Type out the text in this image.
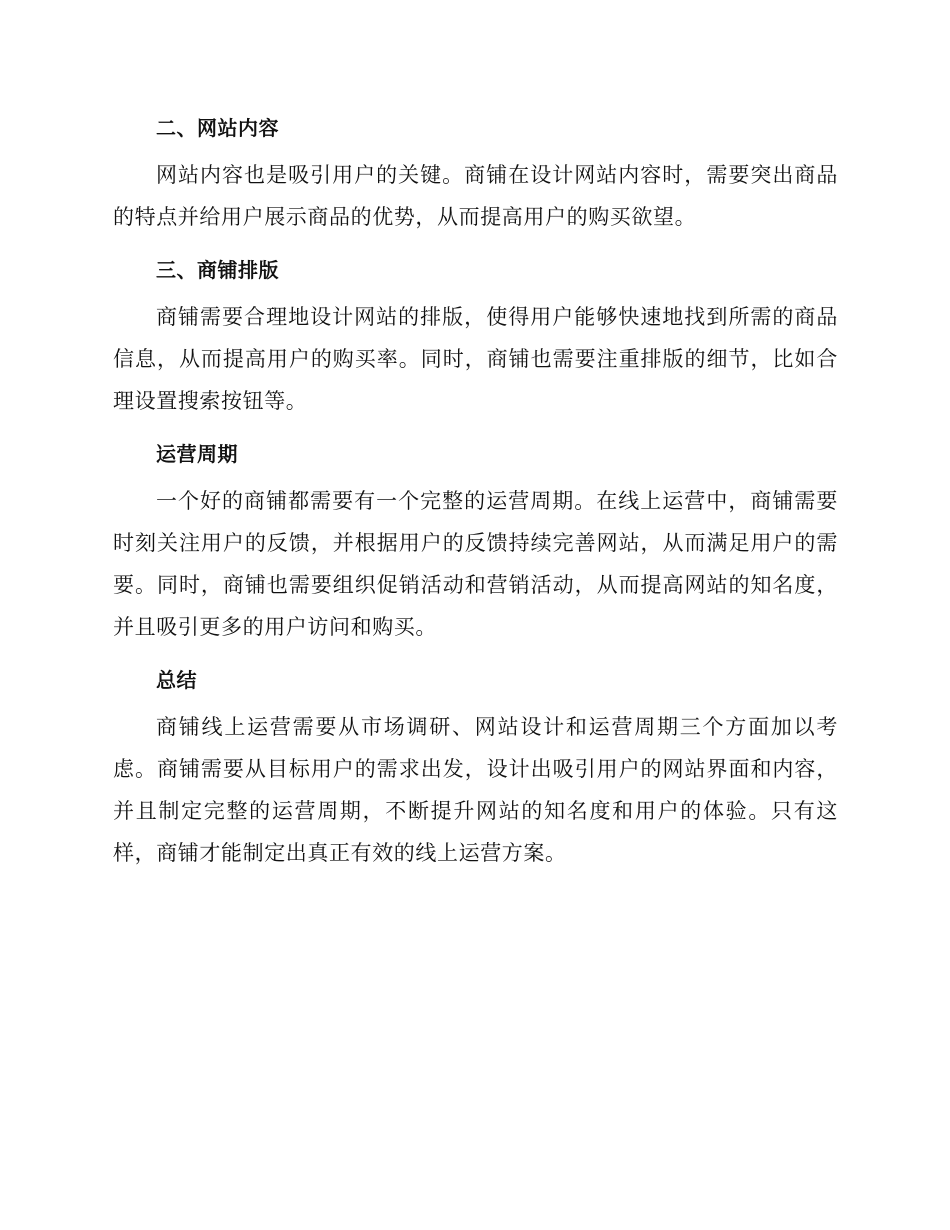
二、网站内容

网站内容也是吸引用户的关键。商铺在设计网站内容时，需要突出商品的特点并给用户展示商品的优势，从而提高用户的购买欲望。

三、商铺排版

商铺需要合理地设计网站的排版，使得用户能够快速地找到所需的商品信息，从而提高用户的购买率。同时，商铺也需要注重排版的细节，比如合理设置搜索按钮等。

运营周期

一个好的商铺都需要有一个完整的运营周期。在线上运营中，商铺需要时刻关注用户的反馈，并根据用户的反馈持续完善网站，从而满足用户的需要。同时，商铺也需要组织促销活动和营销活动，从而提高网站的知名度，并且吸引更多的用户访问和购买。

总结

商铺线上运营需要从市场调研、网站设计和运营周期三个方面加以考虑。商铺需要从目标用户的需求出发，设计出吸引用户的网站界面和内容，并且制定完整的运营周期，不断提升网站的知名度和用户的体验。只有这样，商铺才能制定出真正有效的线上运营方案。
